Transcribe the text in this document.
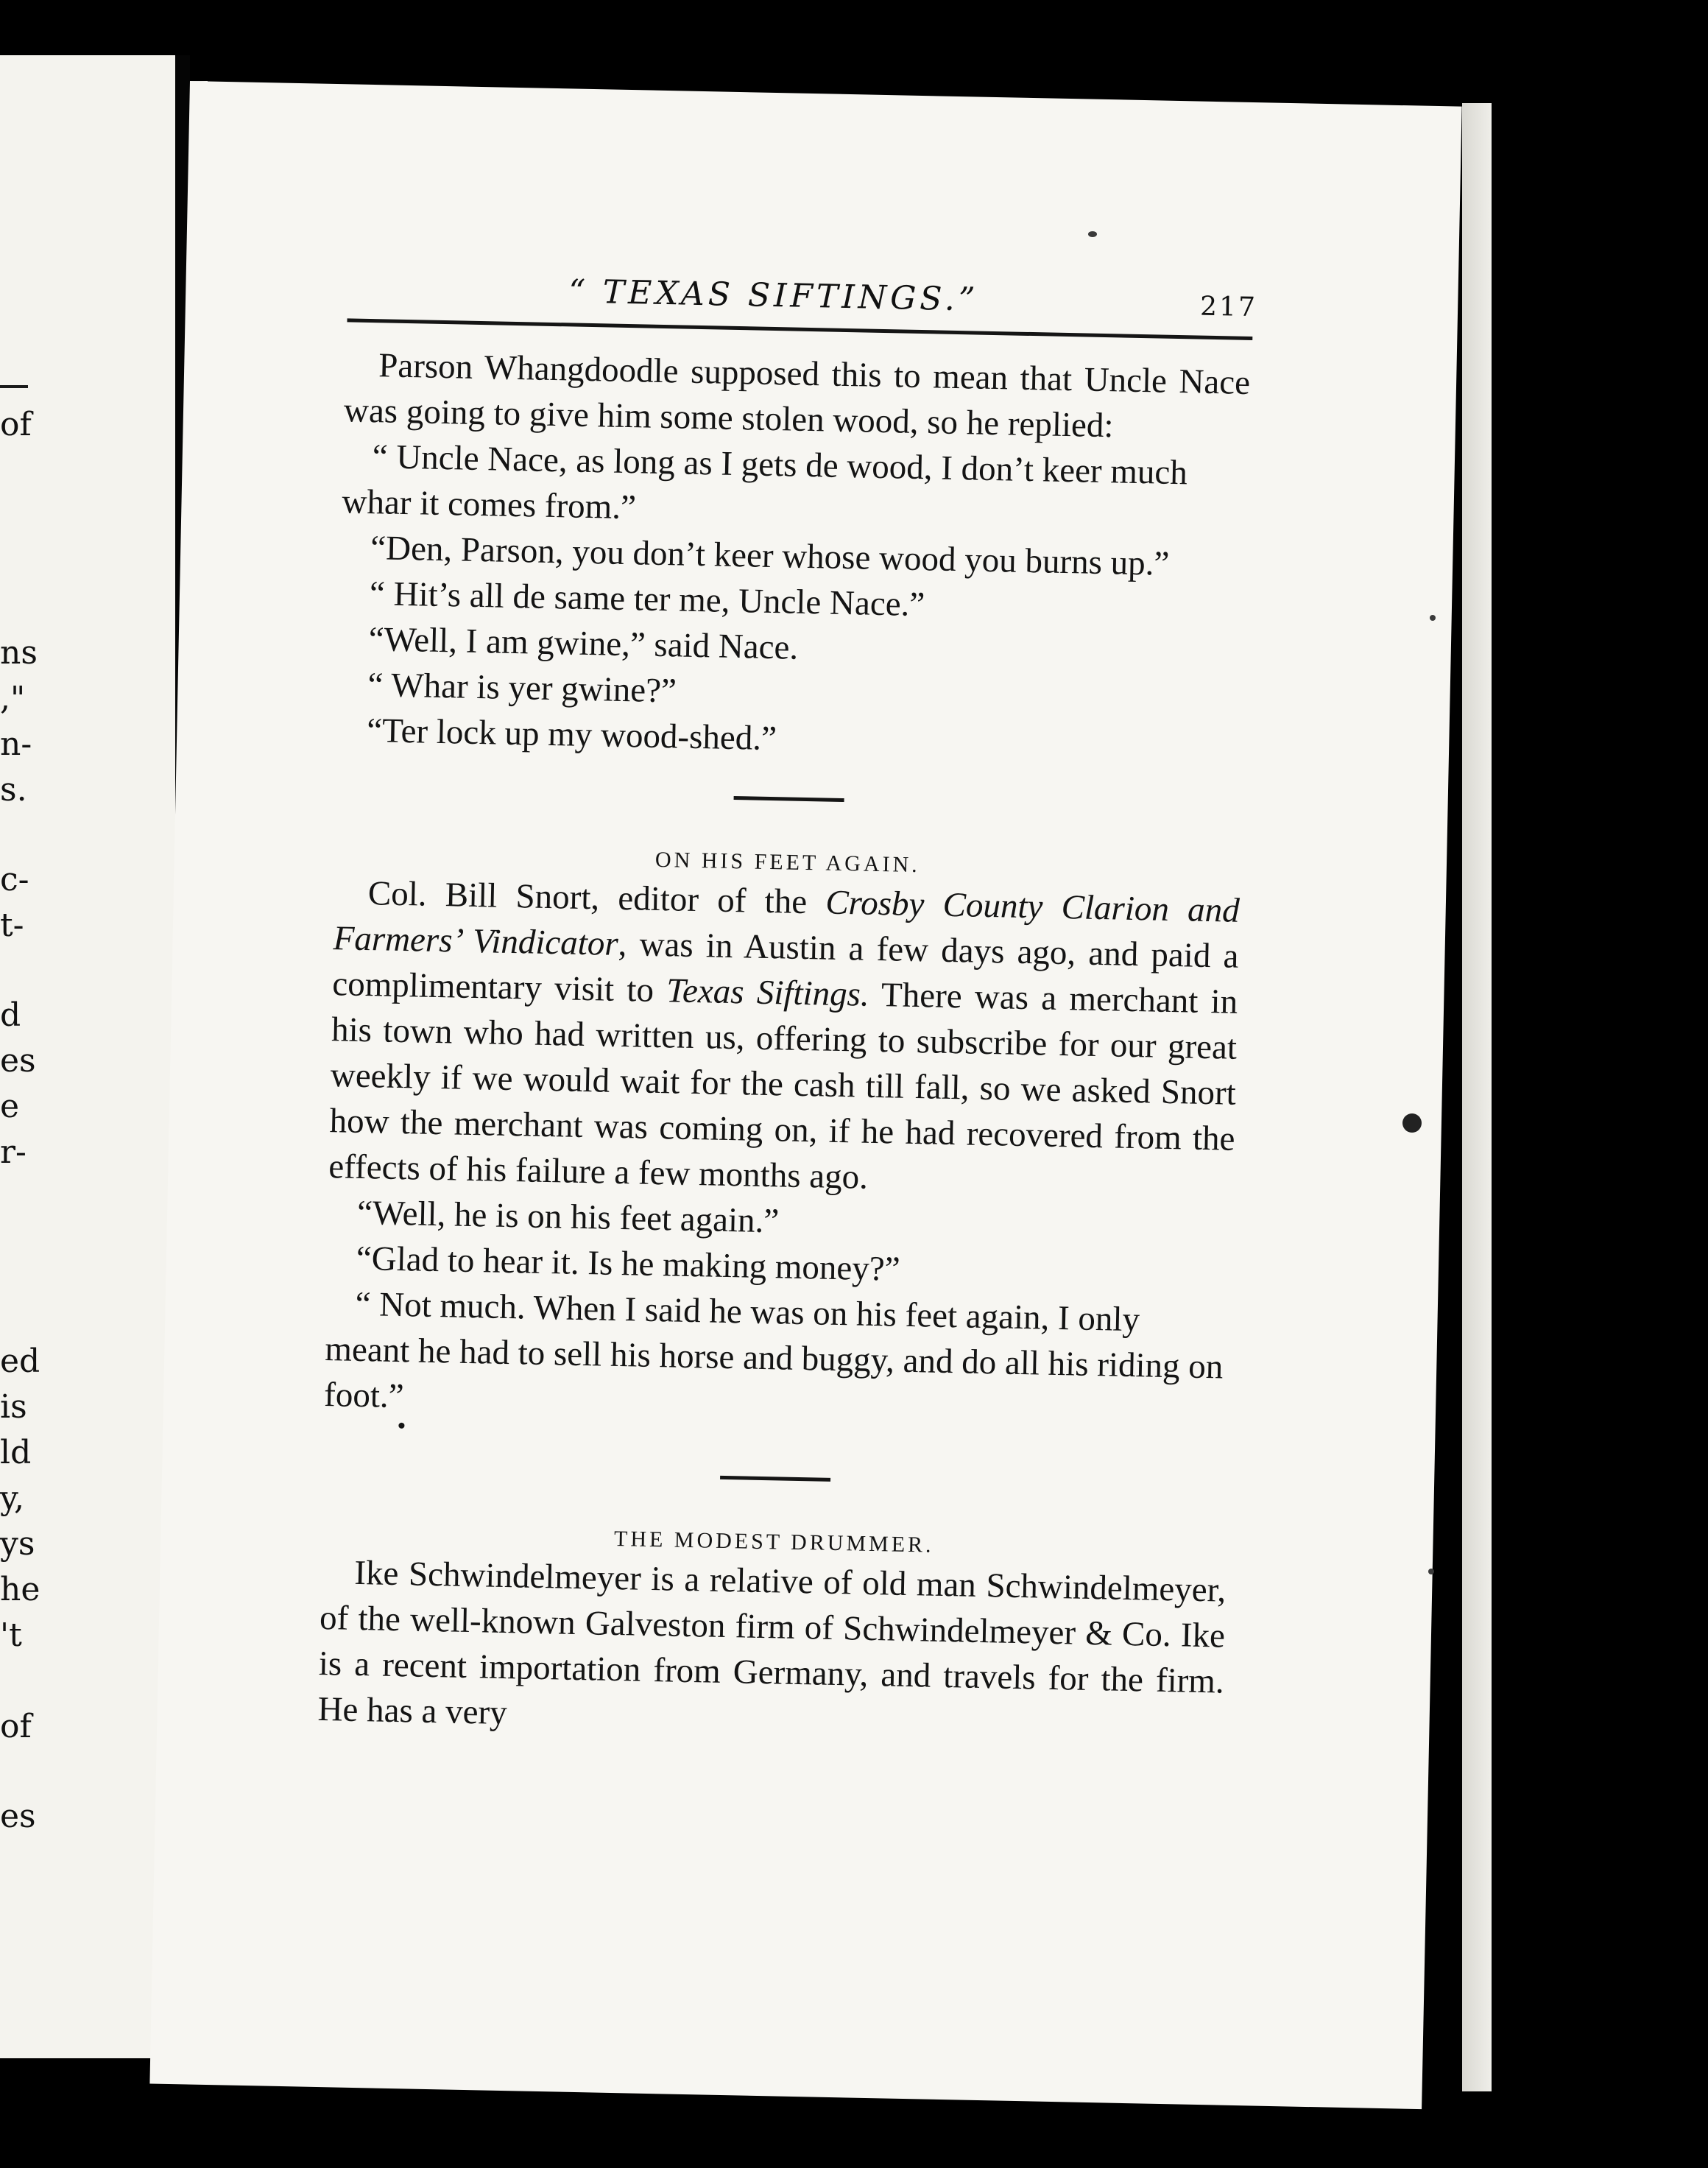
of
ns
,"
n-
s.
c-
t-
d
es
e
r-
ed
is
ld
y,
ys
he
't
of
es
“ TEXAS SIFTINGS.”	217

Parson Whangdoodle supposed this to mean that Uncle Nace was going to give him some stolen wood, so he replied:

“ Uncle Nace, as long as I gets de wood, I don’t keer much whar it comes from.”

“Den, Parson, you don’t keer whose wood you burns up.”

“ Hit’s all de same ter me, Uncle Nace.”

“Well, I am gwine,” said Nace.

“ Whar is yer gwine?”

“Ter lock up my wood-shed.”

ON HIS FEET AGAIN.

Col. Bill Snort, editor of the Crosby County Clarion and Farmers’ Vindicator, was in Austin a few days ago, and paid a complimentary visit to Texas Siftings. There was a merchant in his town who had written us, offering to subscribe for our great weekly if we would wait for the cash till fall, so we asked Snort how the merchant was coming on, if he had recovered from the effects of his failure a few months ago.

“Well, he is on his feet again.”

“Glad to hear it. Is he making money?”

“ Not much. When I said he was on his feet again, I only meant he had to sell his horse and buggy, and do all his riding on foot.”

•

THE MODEST DRUMMER.

Ike Schwindelmeyer is a relative of old man Schwindelmeyer, of the well-known Galveston firm of Schwindelmeyer & Co. Ike is a recent importation from Germany, and travels for the firm. He has a very
